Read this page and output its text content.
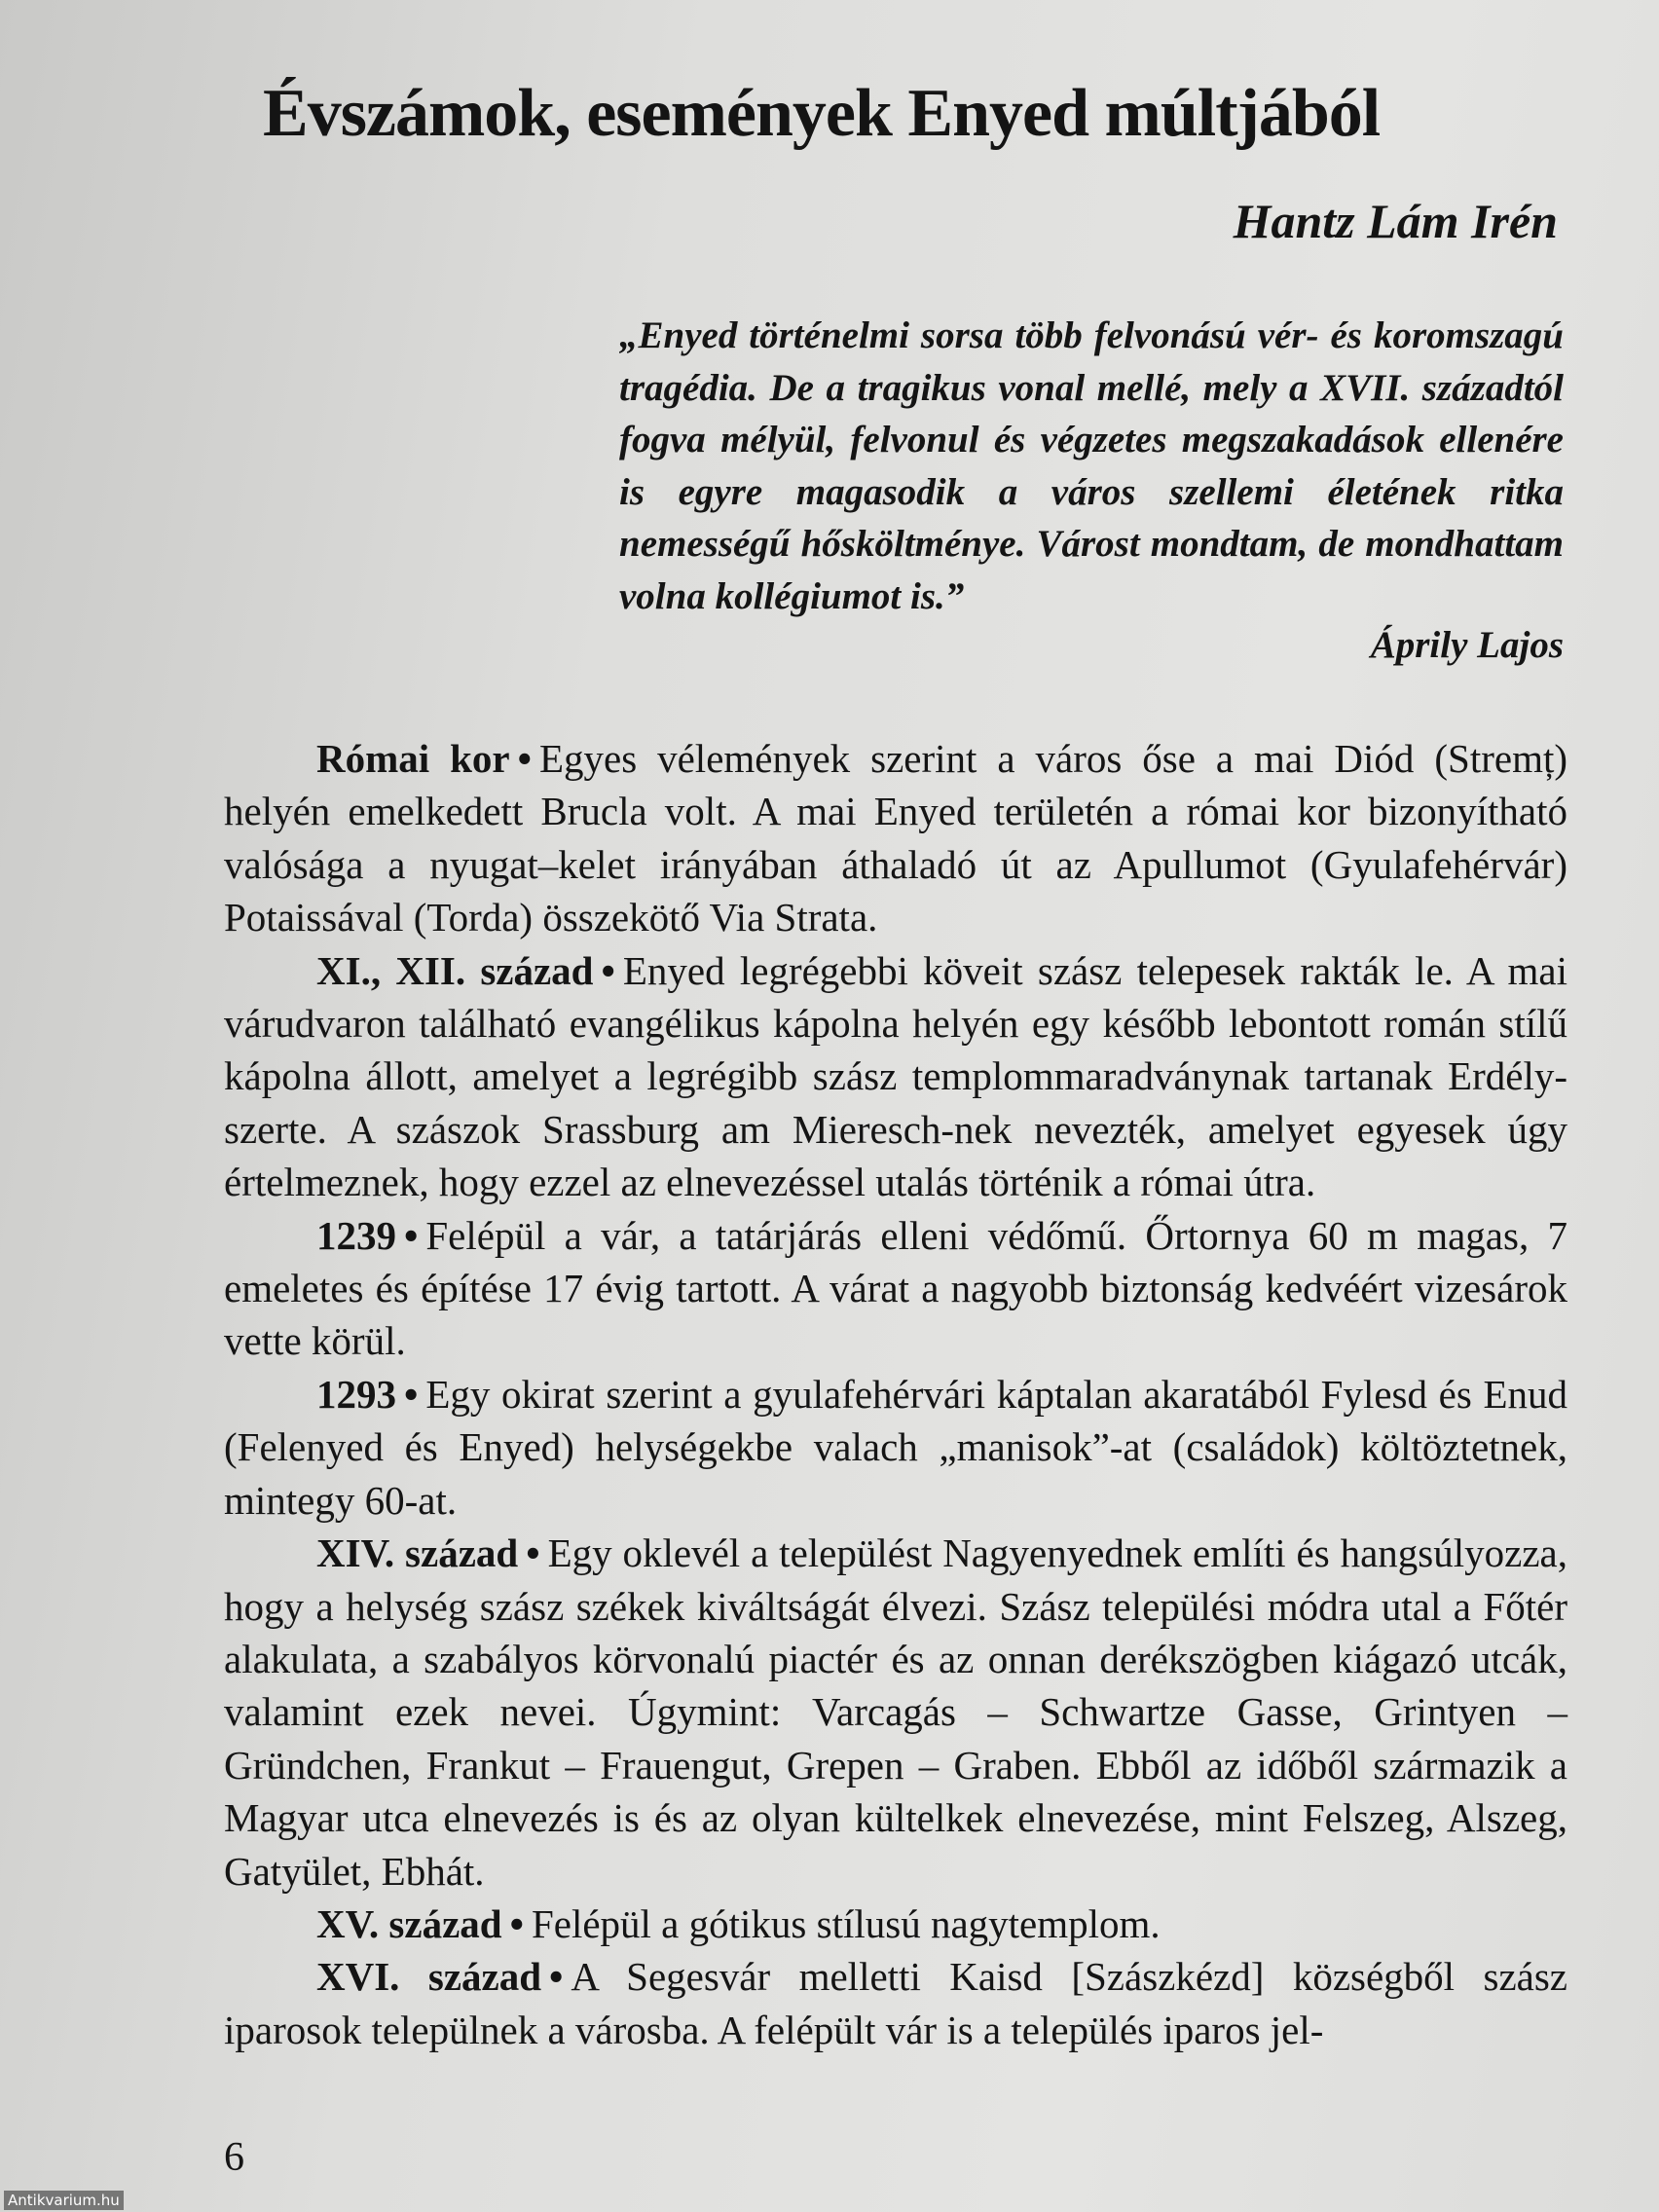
Évszámok, események Enyed múltjából
Hantz Lám Irén
„Enyed történelmi sorsa több felvonású vér- és koromszagú tragédia. De a tragikus vonal mellé, mely a XVII. századtól fogva mélyül, felvonul és végzetes megszakadások ellenére is egyre magasodik a város szellemi életének ritka nemességű hősköltménye. Várost mondtam, de mondhattam volna kollégiumot is.”
Áprily Lajos

Római kor • Egyes vélemények szerint a város őse a mai Diód (Stremț) helyén emelkedett Brucla volt. A mai Enyed területén a római kor bizonyítható valósága a nyugat–kelet irányában áthaladó út az Apullumot (Gyulafehérvár) Potaissával (Torda) összekötő Via Strata.

XI., XII. század • Enyed legrégebbi köveit szász telepesek rakták le. A mai várudvaron található evangélikus kápolna helyén egy később lebontott román stílű kápolna állott, amelyet a legrégibb szász templommaradványnak tartanak Erdély-szerte. A szászok Srassburg am Mieresch-nek nevezték, amelyet egyesek úgy értelmeznek, hogy ezzel az elnevezéssel utalás történik a római útra.

1239 • Felépül a vár, a tatárjárás elleni védőmű. Őrtornya 60 m magas, 7 emeletes és építése 17 évig tartott. A várat a nagyobb biztonság kedvéért vizesárok vette körül.

1293 • Egy okirat szerint a gyulafehérvári káptalan akaratából Fylesd és Enud (Felenyed és Enyed) helységekbe valach „manisok”-at (családok) költöztetnek, mintegy 60-at.

XIV. század • Egy oklevél a települést Nagyenyednek említi és hangsúlyozza, hogy a helység szász székek kiváltságát élvezi. Szász települési módra utal a Főtér alakulata, a szabályos körvonalú piactér és az onnan derékszögben kiágazó utcák, valamint ezek nevei. Úgymint: Varcagás – Schwartze Gasse, Grintyen – Gründchen, Frankut – Frauengut, Grepen – Graben. Ebből az időből származik a Magyar utca elnevezés is és az olyan kültelkek elnevezése, mint Felszeg, Alszeg, Gatyület, Ebhát.

XV. század • Felépül a gótikus stílusú nagytemplom.

XVI. század • A Segesvár melletti Kaisd [Szászkézd] községből szász iparosok települnek a városba. A felépült vár is a település iparos jel-

6
Antikvarium.hu
